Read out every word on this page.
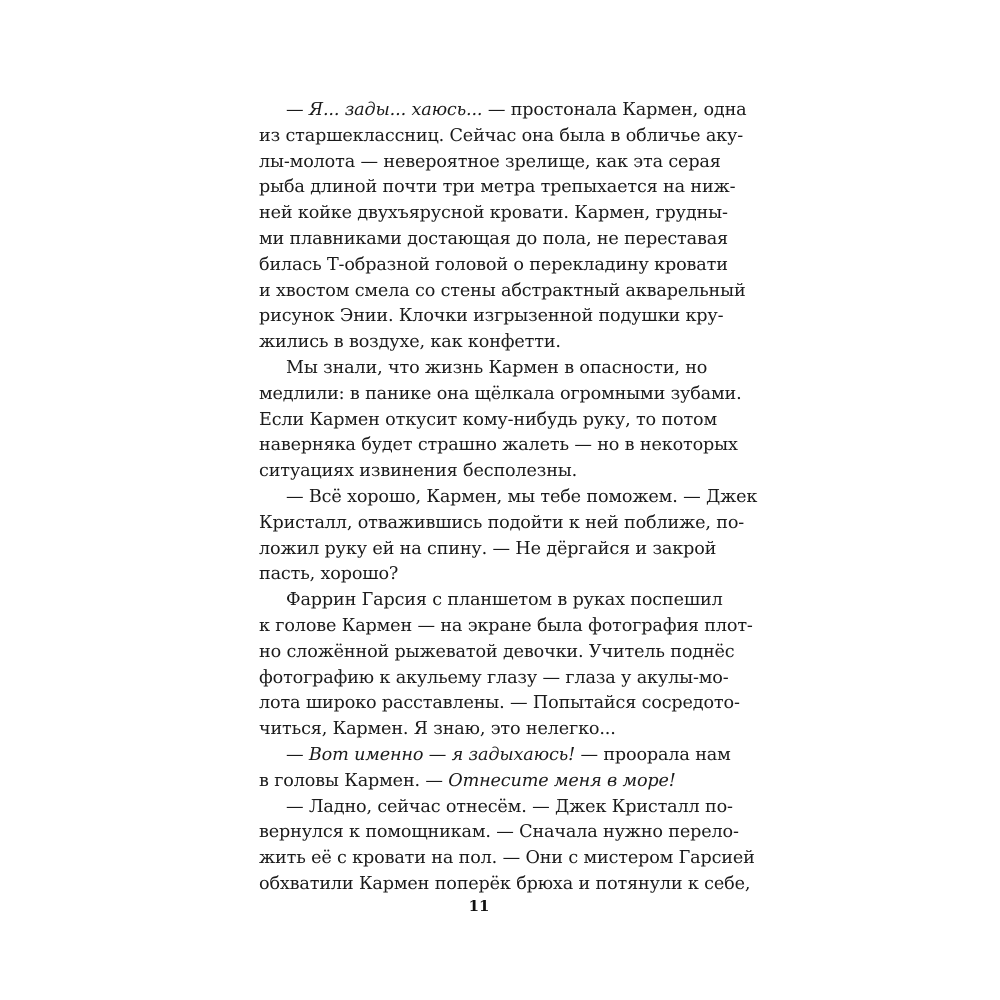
— Я... зады... хаюсь... — простонала Кармен, одна
из старшеклассниц. Сейчас она была в обличье аку-
лы-молота — невероятное зрелище, как эта серая
рыба длиной почти три метра трепыхается на ниж-
ней койке двухъярусной кровати. Кармен, грудны-
ми плавниками достающая до пола, не переставая
билась Т-образной головой о перекладину кровати
и хвостом смела со стены абстрактный акварельный
рисунок Энии. Клочки изгрызенной подушки кру-
жились в воздухе, как конфетти.
Мы знали, что жизнь Кармен в опасности, но
медлили: в панике она щёлкала огромными зубами.
Если Кармен откусит кому-нибудь руку, то потом
наверняка будет страшно жалеть — но в некоторых
ситуациях извинения бесполезны.
— Всё хорошо, Кармен, мы тебе поможем. — Джек
Кристалл, отважившись подойти к ней поближе, по-
ложил руку ей на спину. — Не дёргайся и закрой
пасть, хорошо?
Фаррин Гарсия с планшетом в руках поспешил
к голове Кармен — на экране была фотография плот-
но сложённой рыжеватой девочки. Учитель поднёс
фотографию к акульему глазу — глаза у акулы-мо-
лота широко расставлены. — Попытайся сосредото-
читься, Кармен. Я знаю, это нелегко...
— Вот именно — я задыхаюсь! — проорала нам
в головы Кармен. — Отнесите меня в море!
— Ладно, сейчас отнесём. — Джек Кристалл по-
вернулся к помощникам. — Сначала нужно перело-
жить её с кровати на пол. — Они с мистером Гарсией
обхватили Кармен поперёк брюха и потянули к себе,
11
